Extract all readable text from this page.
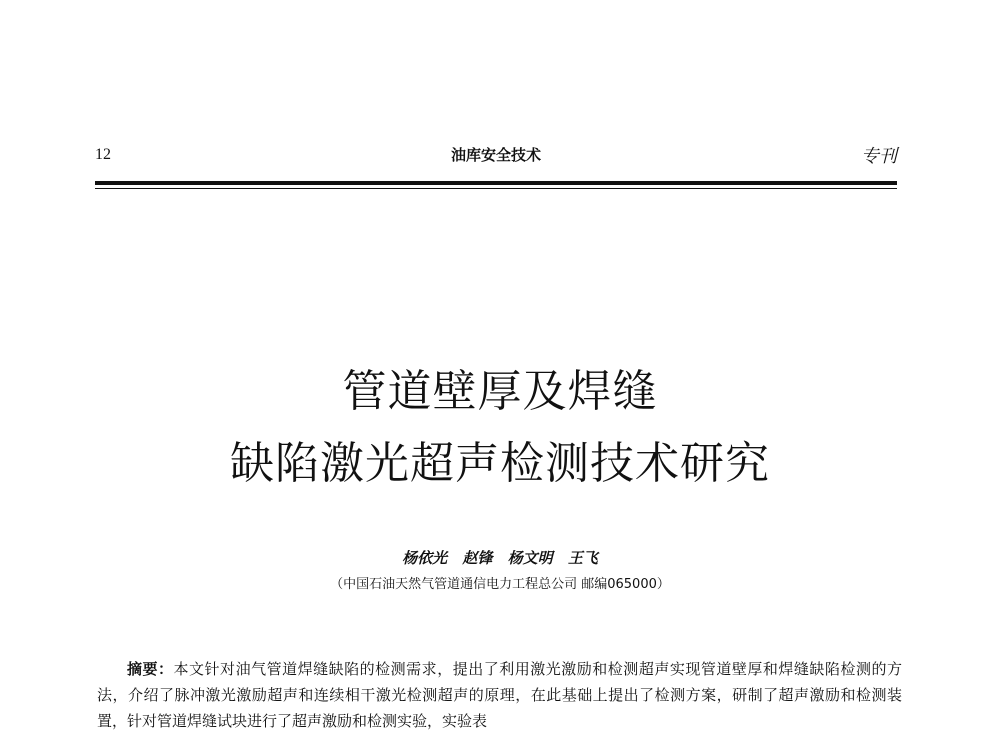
12	油库安全技术	专刊
管道壁厚及焊缝
缺陷激光超声检测技术研究
杨依光 赵锋 杨文明 王飞
（中国石油天然气管道通信电力工程总公司 邮编065000）
摘要：本文针对油气管道焊缝缺陷的检测需求，提出了利用激光激励和检测超声实现管道壁厚和焊缝缺陷检测的方法，介绍了脉冲激光激励超声和连续相干激光检测超声的原理，在此基础上提出了检测方案，研制了超声激励和检测装置，针对管道焊缝试块进行了超声激励和检测实验，实验表
